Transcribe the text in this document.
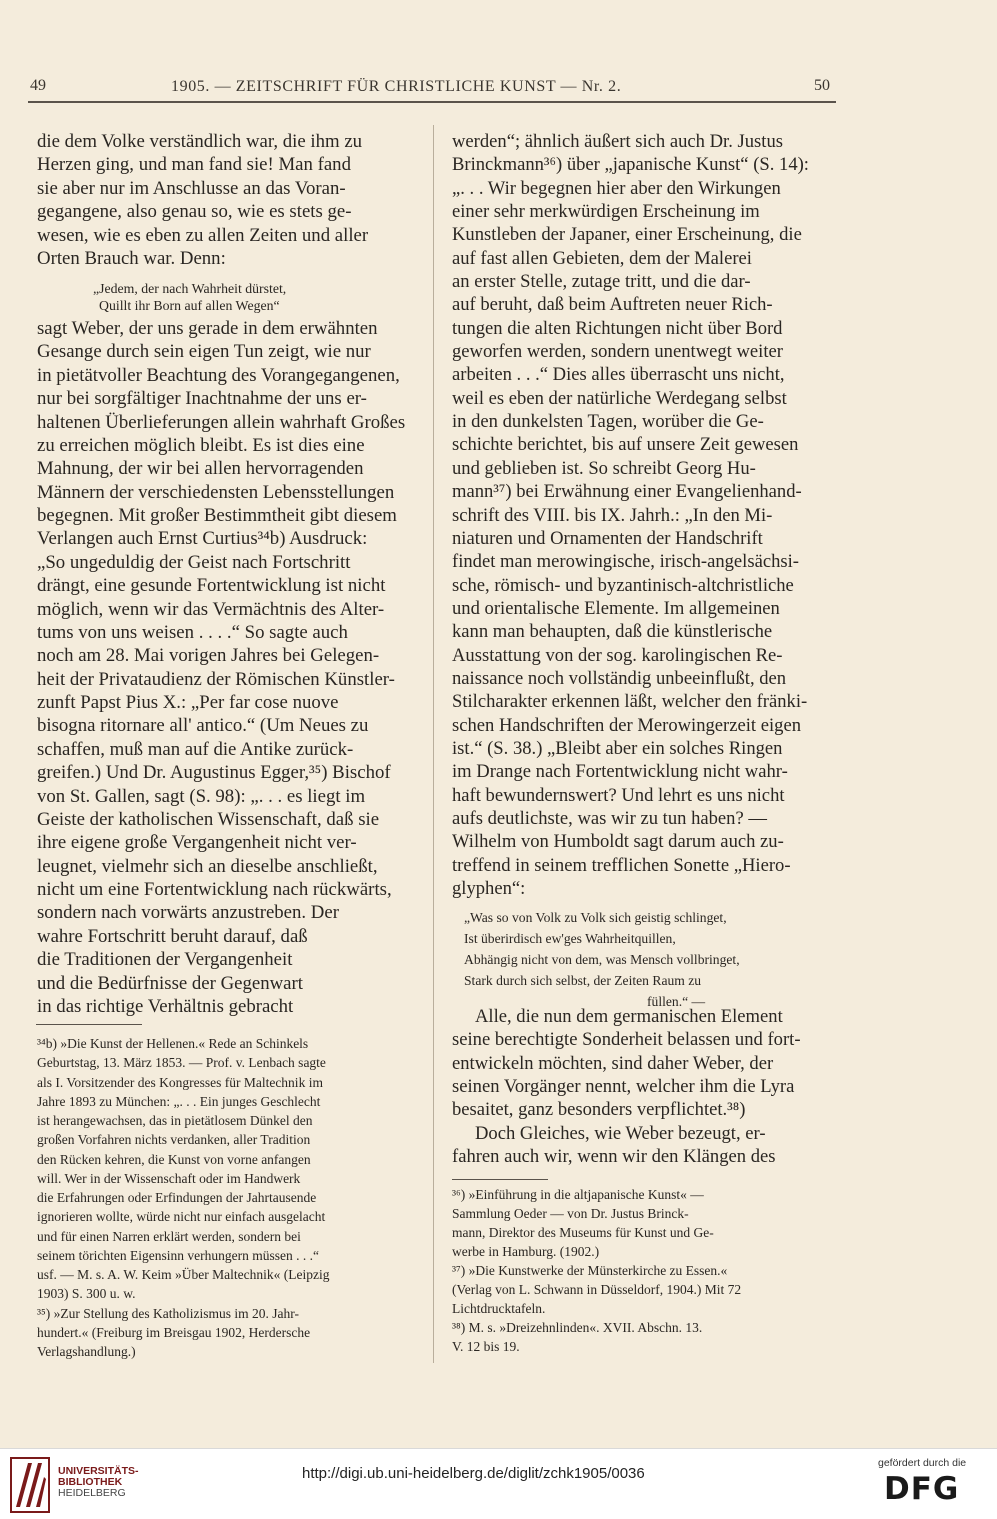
49	1905. — ZEITSCHRIFT FÜR CHRISTLICHE KUNST — Nr. 2.	50
die dem Volke verständlich war, die ihm zu
Herzen ging, und man fand sie! Man fand
sie aber nur im Anschlusse an das Voran-
gegangene, also genau so, wie es stets ge-
wesen, wie es eben zu allen Zeiten und aller
Orten Brauch war. Denn:
„Jedem, der nach Wahrheit dürstet,
Quillt ihr Born auf allen Wegen“
sagt Weber, der uns gerade in dem erwähnten
Gesange durch sein eigen Tun zeigt, wie nur
in pietätvoller Beachtung des Vorangegangenen,
nur bei sorgfältiger Inachtnahme der uns er-
haltenen Überlieferungen allein wahrhaft Großes
zu erreichen möglich bleibt. Es ist dies eine
Mahnung, der wir bei allen hervorragenden
Männern der verschiedensten Lebensstellungen
begegnen. Mit großer Bestimmtheit gibt diesem
Verlangen auch Ernst Curtius³⁴b) Ausdruck:
„So ungeduldig der Geist nach Fortschritt
drängt, eine gesunde Fortentwicklung ist nicht
möglich, wenn wir das Vermächtnis des Alter-
tums von uns weisen . . . .“ So sagte auch
noch am 28. Mai vorigen Jahres bei Gelegen-
heit der Privataudienz der Römischen Künstler-
zunft Papst Pius X.: „Per far cose nuove
bisogna ritornare all' antico.“ (Um Neues zu
schaffen, muß man auf die Antike zurück-
greifen.) Und Dr. Augustinus Egger,³⁵) Bischof
von St. Gallen, sagt (S. 98): „. . . es liegt im
Geiste der katholischen Wissenschaft, daß sie
ihre eigene große Vergangenheit nicht ver-
leugnet, vielmehr sich an dieselbe anschließt,
nicht um eine Fortentwicklung nach rückwärts,
sondern nach vorwärts anzustreben. Der
wahre Fortschritt beruht darauf, daß
die Traditionen der Vergangenheit
und die Bedürfnisse der Gegenwart
in das richtige Verhältnis gebracht
³⁴b) »Die Kunst der Hellenen.« Rede an Schinkels
Geburtstag, 13. März 1853. — Prof. v. Lenbach sagte
als I. Vorsitzender des Kongresses für Maltechnik im
Jahre 1893 zu München: „. . . Ein junges Geschlecht
ist herangewachsen, das in pietätlosem Dünkel den
großen Vorfahren nichts verdanken, aller Tradition
den Rücken kehren, die Kunst von vorne anfangen
will. Wer in der Wissenschaft oder im Handwerk
die Erfahrungen oder Erfindungen der Jahrtausende
ignorieren wollte, würde nicht nur einfach ausgelacht
und für einen Narren erklärt werden, sondern bei
seinem törichten Eigensinn verhungern müssen . . .“
usf. — M. s. A. W. Keim »Über Maltechnik« (Leipzig
1903) S. 300 u. w.
³⁵) »Zur Stellung des Katholizismus im 20. Jahr-
hundert.« (Freiburg im Breisgau 1902, Herdersche
Verlagshandlung.)
werden“; ähnlich äußert sich auch Dr. Justus
Brinckmann³⁶) über „japanische Kunst“ (S. 14):
„. . . Wir begegnen hier aber den Wirkungen
einer sehr merkwürdigen Erscheinung im
Kunstleben der Japaner, einer Erscheinung, die
auf fast allen Gebieten, dem der Malerei
an erster Stelle, zutage tritt, und die dar-
auf beruht, daß beim Auftreten neuer Rich-
tungen die alten Richtungen nicht über Bord
geworfen werden, sondern unentwegt weiter
arbeiten . . .“ Dies alles überrascht uns nicht,
weil es eben der natürliche Werdegang selbst
in den dunkelsten Tagen, worüber die Ge-
schichte berichtet, bis auf unsere Zeit gewesen
und geblieben ist. So schreibt Georg Hu-
mann³⁷) bei Erwähnung einer Evangelienhand-
schrift des VIII. bis IX. Jahrh.: „In den Mi-
niaturen und Ornamenten der Handschrift
findet man merowingische, irisch-angelsächsi-
sche, römisch- und byzantinisch-altchristliche
und orientalische Elemente. Im allgemeinen
kann man behaupten, daß die künstlerische
Ausstattung von der sog. karolingischen Re-
naissance noch vollständig unbeeinflußt, den
Stilcharakter erkennen läßt, welcher den fränki-
schen Handschriften der Merowingerzeit eigen
ist.“ (S. 38.) „Bleibt aber ein solches Ringen
im Drange nach Fortentwicklung nicht wahr-
haft bewundernswert? Und lehrt es uns nicht
aufs deutlichste, was wir zu tun haben? —
Wilhelm von Humboldt sagt darum auch zu-
treffend in seinem trefflichen Sonette „Hiero-
glyphen“:
„Was so von Volk zu Volk sich geistig schlinget,
Ist überirdisch ew'ges Wahrheitquillen,
Abhängig nicht von dem, was Mensch vollbringet,
Stark durch sich selbst, der Zeiten Raum zu
füllen.“ —
Alle, die nun dem germanischen Element
seine berechtigte Sonderheit belassen und fort-
entwickeln möchten, sind daher Weber, der
seinen Vorgänger nennt, welcher ihm die Lyra
besaitet, ganz besonders verpflichtet.³⁸)
Doch Gleiches, wie Weber bezeugt, er-
fahren auch wir, wenn wir den Klängen des
³⁶) »Einführung in die altjapanische Kunst« —
Sammlung Oeder — von Dr. Justus Brinck-
mann, Direktor des Museums für Kunst und Ge-
werbe in Hamburg. (1902.)
³⁷) »Die Kunstwerke der Münsterkirche zu Essen.«
(Verlag von L. Schwann in Düsseldorf, 1904.) Mit 72
Lichtdrucktafeln.
³⁸) M. s. »Dreizehnlinden«. XVII. Abschn. 13.
V. 12 bis 19.
UNIVERSITÄTS-
BIBLIOTHEK
HEIDELBERG
http://digi.ub.uni-heidelberg.de/diglit/zchk1905/0036
gefördert durch die
DFG
